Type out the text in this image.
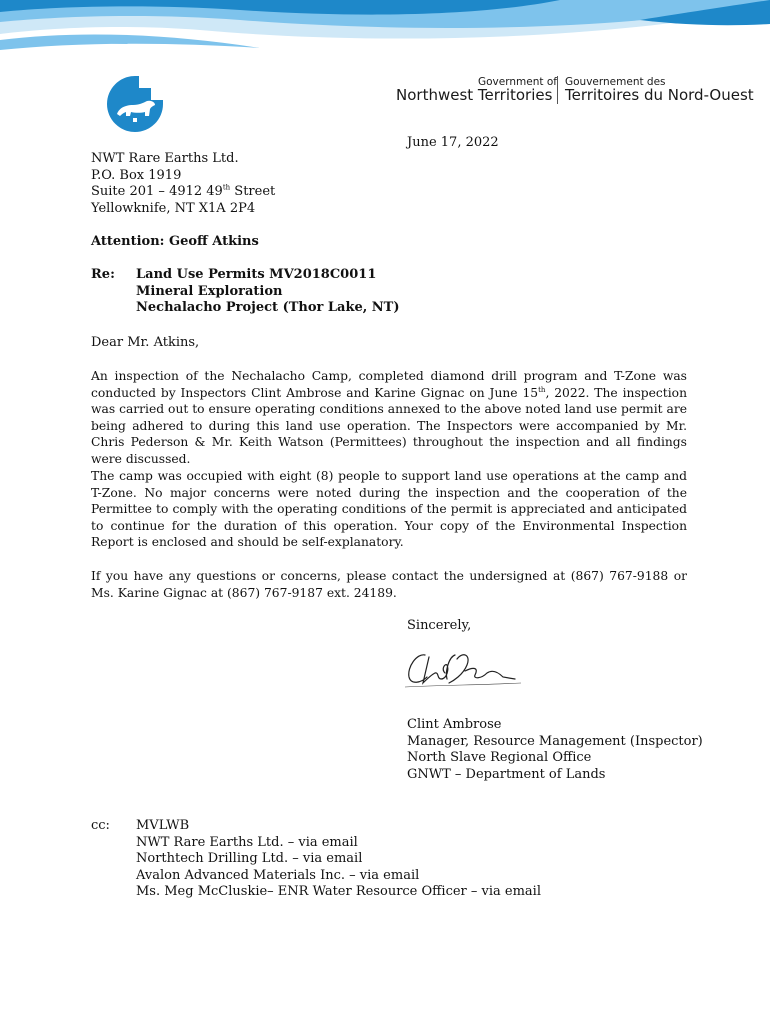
Government of
Northwest Territories
Gouvernement des
Territoires du Nord-Ouest
June 17, 2022
NWT Rare Earths Ltd.
P.O. Box 1919
Suite 201 – 4912 49th Street
Yellowknife, NT X1A 2P4
Attention: Geoff Atkins
Re: Land Use Permits MV2018C0011
Mineral Exploration
Nechalacho Project (Thor Lake, NT)
Dear Mr. Atkins,
An inspection of the Nechalacho Camp, completed diamond drill program and T-Zone was conducted by Inspectors Clint Ambrose and Karine Gignac on June 15th, 2022. The inspection was carried out to ensure operating conditions annexed to the above noted land use permit are being adhered to during this land use operation. The Inspectors were accompanied by Mr. Chris Pederson & Mr. Keith Watson (Permittees) throughout the inspection and all findings were discussed.
The camp was occupied with eight (8) people to support land use operations at the camp and T-Zone. No major concerns were noted during the inspection and the cooperation of the Permittee to comply with the operating conditions of the permit is appreciated and anticipated to continue for the duration of this operation. Your copy of the Environmental Inspection Report is enclosed and should be self-explanatory.
If you have any questions or concerns, please contact the undersigned at (867) 767-9188 or Ms. Karine Gignac at (867) 767-9187 ext. 24189.
Sincerely,
Clint Ambrose
Manager, Resource Management (Inspector)
North Slave Regional Office
GNWT – Department of Lands
cc: MVLWB
NWT Rare Earths Ltd. – via email
Northtech Drilling Ltd. – via email
Avalon Advanced Materials Inc. – via email
Ms. Meg McCluskie– ENR Water Resource Officer – via email
